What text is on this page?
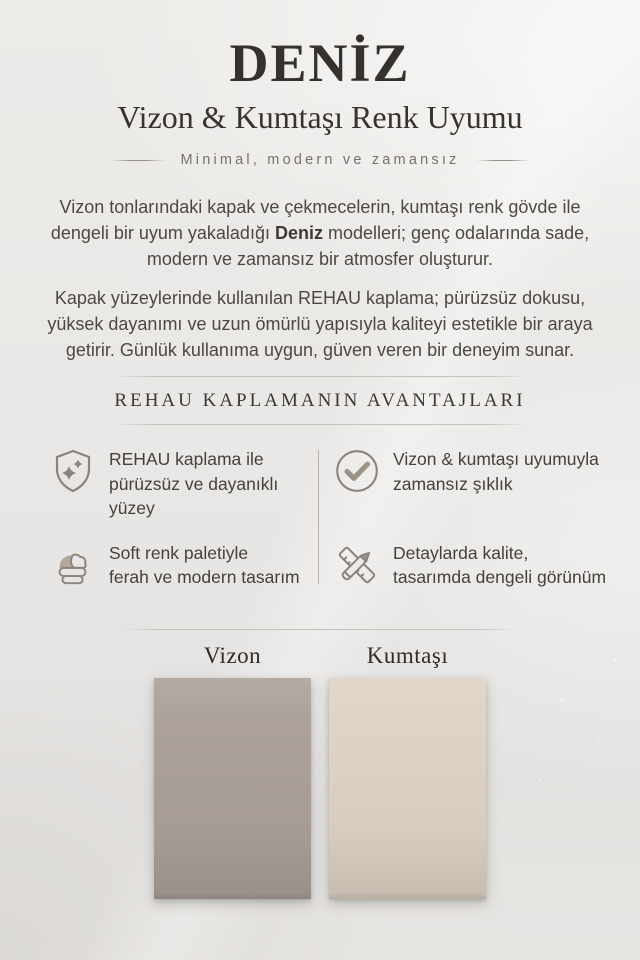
DENİZ
Vizon & Kumtaşı Renk Uyumu
Minimal, modern ve zamansız

Vizon tonlarındaki kapak ve çekmecelerin, kumtaşı renk gövde ile dengeli bir uyum yakaladığı Deniz modelleri; genç odalarında sade, modern ve zamansız bir atmosfer oluşturur.

Kapak yüzeylerinde kullanılan REHAU kaplama; pürüzsüz dokusu, yüksek dayanımı ve uzun ömürlü yapısıyla kaliteyi estetikle bir araya getirir. Günlük kullanıma uygun, güven veren bir deneyim sunar.

REHAU KAPLAMANIN AVANTAJLARI
REHAU kaplama ile
pürüzsüz ve dayanıklı yüzey
Vizon & kumtaşı uyumuyla
zamansız şıklık
Soft renk paletiyle
ferah ve modern tasarım
Detaylarda kalite,
tasarımda dengeli görünüm
Vizon	Kumtaşı
